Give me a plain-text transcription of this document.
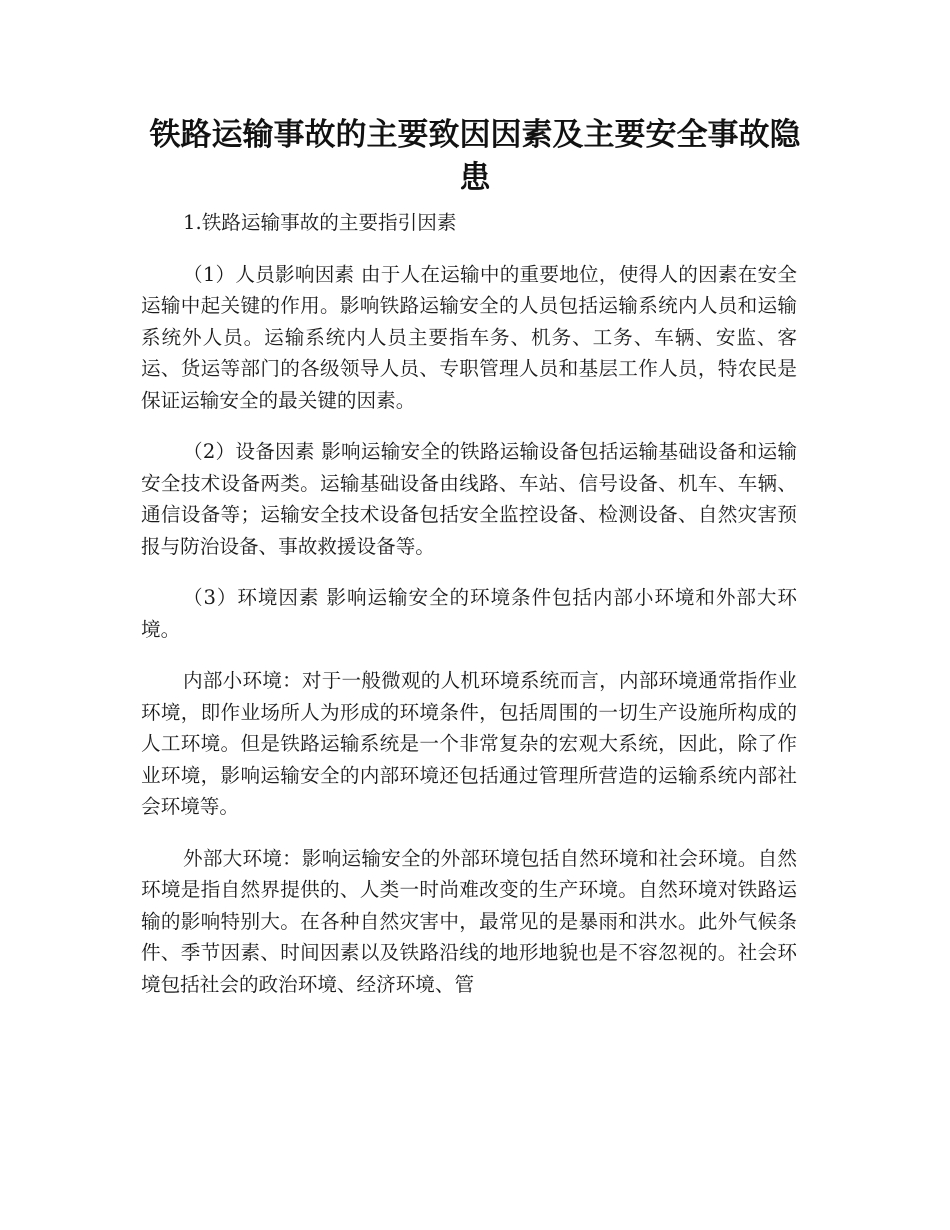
铁路运输事故的主要致因因素及主要安全事故隐患
1.铁路运输事故的主要指引因素

（1）人员影响因素 由于人在运输中的重要地位，使得人的因素在安全运输中起关键的作用。影响铁路运输安全的人员包括运输系统内人员和运输系统外人员。运输系统内人员主要指车务、机务、工务、车辆、安监、客运、货运等部门的各级领导人员、专职管理人员和基层工作人员，特农民是保证运输安全的最关键的因素。

（2）设备因素 影响运输安全的铁路运输设备包括运输基础设备和运输安全技术设备两类。运输基础设备由线路、车站、信号设备、机车、车辆、通信设备等；运输安全技术设备包括安全监控设备、检测设备、自然灾害预报与防治设备、事故救援设备等。

（3）环境因素 影响运输安全的环境条件包括内部小环境和外部大环境。

内部小环境：对于一般微观的人机环境系统而言，内部环境通常指作业环境，即作业场所人为形成的环境条件，包括周围的一切生产设施所构成的人工环境。但是铁路运输系统是一个非常复杂的宏观大系统，因此，除了作业环境，影响运输安全的内部环境还包括通过管理所营造的运输系统内部社会环境等。

外部大环境：影响运输安全的外部环境包括自然环境和社会环境。自然环境是指自然界提供的、人类一时尚难改变的生产环境。自然环境对铁路运输的影响特别大。在各种自然灾害中，最常见的是暴雨和洪水。此外气候条件、季节因素、时间因素以及铁路沿线的地形地貌也是不容忽视的。社会环境包括社会的政治环境、经济环境、管
